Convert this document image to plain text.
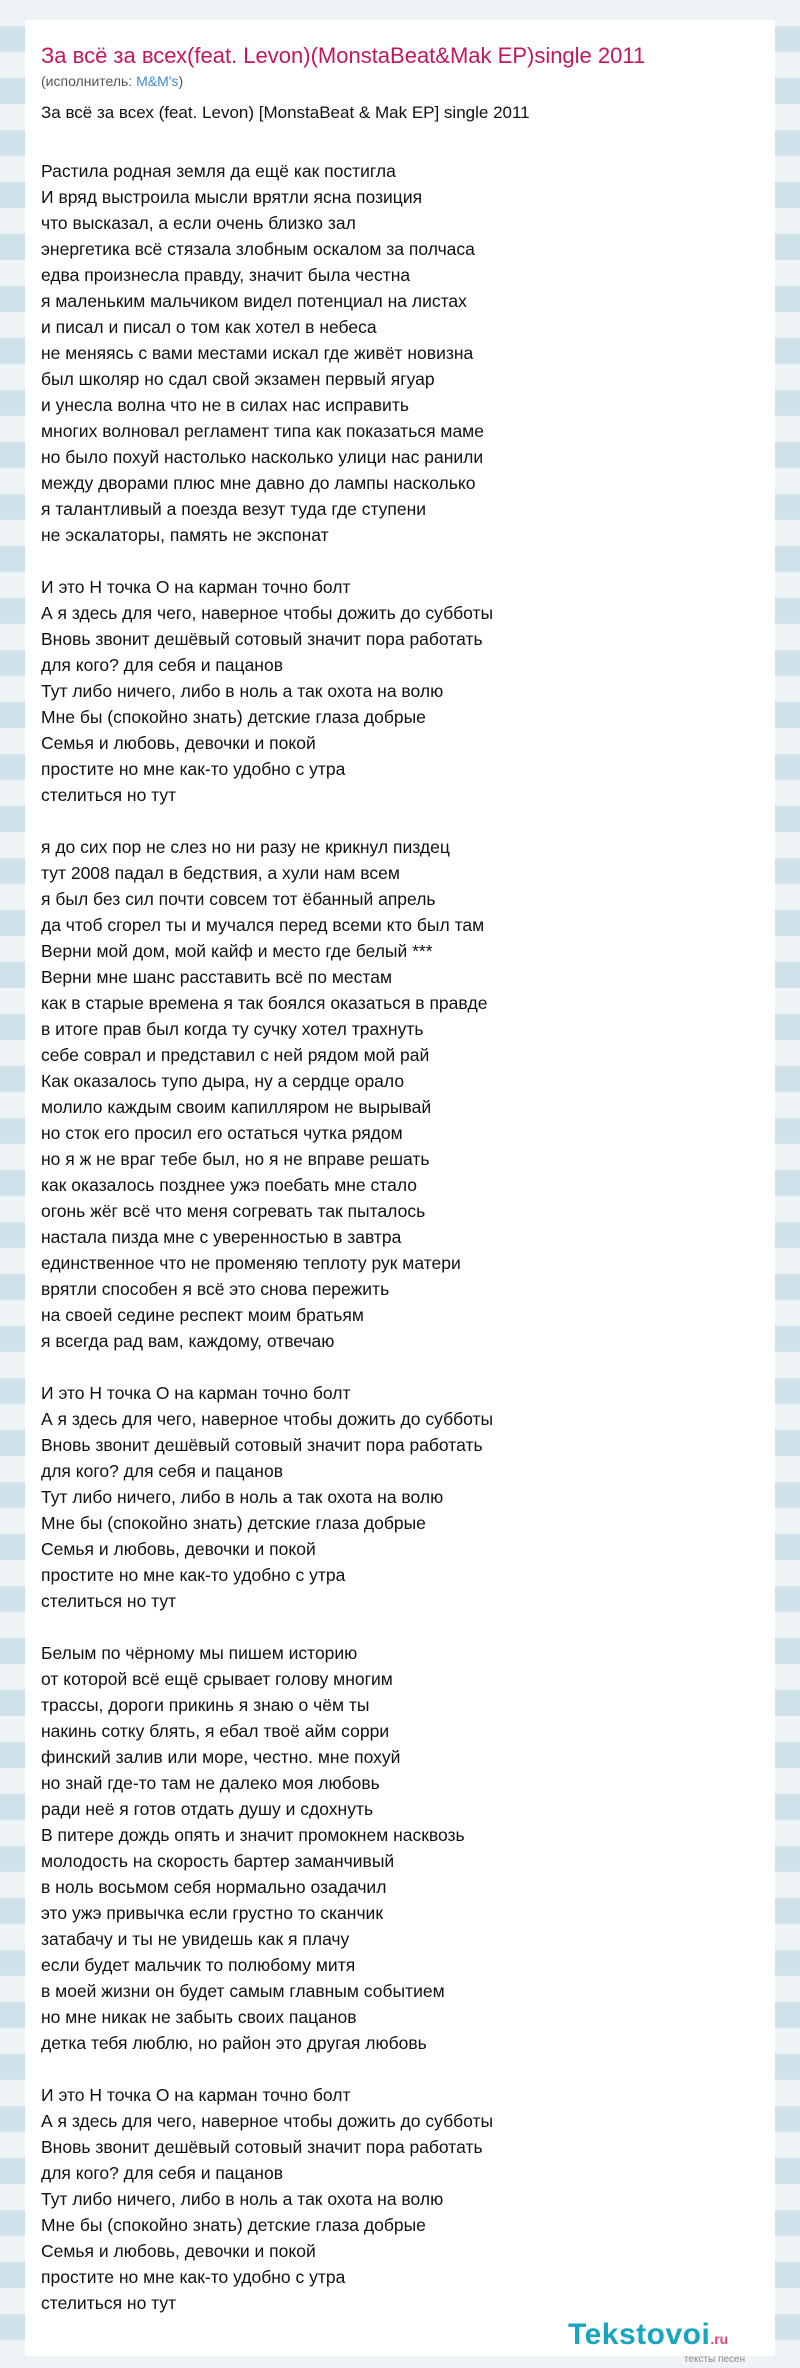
За всё за всех(feat. Levon)(MonstaBeat&Mak EP)single 2011
(исполнитель: M&M's)
За всё за всех (feat. Levon) [MonstaBeat & Mak EP] single 2011
Растила родная земля да ещё как постигла
И вряд выстроила мысли врятли ясна позиция
что высказал, а если очень близко зал
энергетика всё стязала злобным оскалом за полчаса
едва произнесла правду, значит была честна
я маленьким мальчиком видел потенциал на листах
и писал и писал о том как хотел в небеса
не меняясь с вами местами искал где живёт новизна
был школяр но сдал свой экзамен первый ягуар
и унесла волна что не в силах нас исправить
многих волновал регламент типа как показаться маме
но было похуй настолько насколько улици нас ранили
между дворами плюс мне давно до лампы насколько
я талантливый а поезда везут туда где ступени
не эскалаторы, память не экспонат
И это Н точка О на карман точно болт
А я здесь для чего, наверное чтобы дожить до субботы
Вновь звонит дешёвый сотовый значит пора работать
для кого? для себя и пацанов
Тут либо ничего, либо в ноль а так охота на волю
Мне бы (спокойно знать) детские глаза добрые
Семья и любовь, девочки и покой
простите но мне как-то удобно с утра
стелиться но тут
я до сих пор не слез но ни разу не крикнул пиздец
тут 2008 падал в бедствия, а хули нам всем
я был без сил почти совсем тот ёбанный апрель
да чтоб сгорел ты и мучался перед всеми кто был там
Верни мой дом, мой кайф и место где белый ***
Верни мне шанс расставить всё по местам
как в старые времена я так боялся оказаться в правде
в итоге прав был когда ту сучку хотел трахнуть
себе соврал и представил с ней рядом мой рай
Как оказалось тупо дыра, ну а сердце орало
молило каждым своим капилляром не вырывай
но сток его просил его остаться чутка рядом
но я ж не враг тебе был, но я не вправе решать
как оказалось позднее ужэ поебать мне стало
огонь жёг всё что меня согревать так пыталось
настала пизда мне с уверенностью в завтра
единственное что не променяю теплоту рук матери
врятли способен я всё это снова пережить
на своей седине респект моим братьям
я всегда рад вам, каждому, отвечаю
И это Н точка О на карман точно болт
А я здесь для чего, наверное чтобы дожить до субботы
Вновь звонит дешёвый сотовый значит пора работать
для кого? для себя и пацанов
Тут либо ничего, либо в ноль а так охота на волю
Мне бы (спокойно знать) детские глаза добрые
Семья и любовь, девочки и покой
простите но мне как-то удобно с утра
стелиться но тут
Белым по чёрному мы пишем историю
от которой всё ещё срывает голову многим
трассы, дороги прикинь я знаю о чём ты
накинь сотку блять, я ебал твоё айм сорри
финский залив или море, честно. мне похуй
но знай где-то там не далеко моя любовь
ради неё я готов отдать душу и сдохнуть
В питере дождь опять и значит промокнем насквозь
молодость на скорость бартер заманчивый
в ноль восьмом себя нормально озадачил
это ужэ привычка если грустно то сканчик
затабачу и ты не увидешь как я плачу
если будет мальчик то полюбому митя
в моей жизни он будет самым главным событием
но мне никак не забыть своих пацанов
детка тебя люблю, но район это другая любовь
И это Н точка О на карман точно болт
А я здесь для чего, наверное чтобы дожить до субботы
Вновь звонит дешёвый сотовый значит пора работать
для кого? для себя и пацанов
Тут либо ничего, либо в ноль а так охота на волю
Мне бы (спокойно знать) детские глаза добрые
Семья и любовь, девочки и покой
простите но мне как-то удобно с утра
стелиться но тут
Tekstovoi.ru
тексты песен
